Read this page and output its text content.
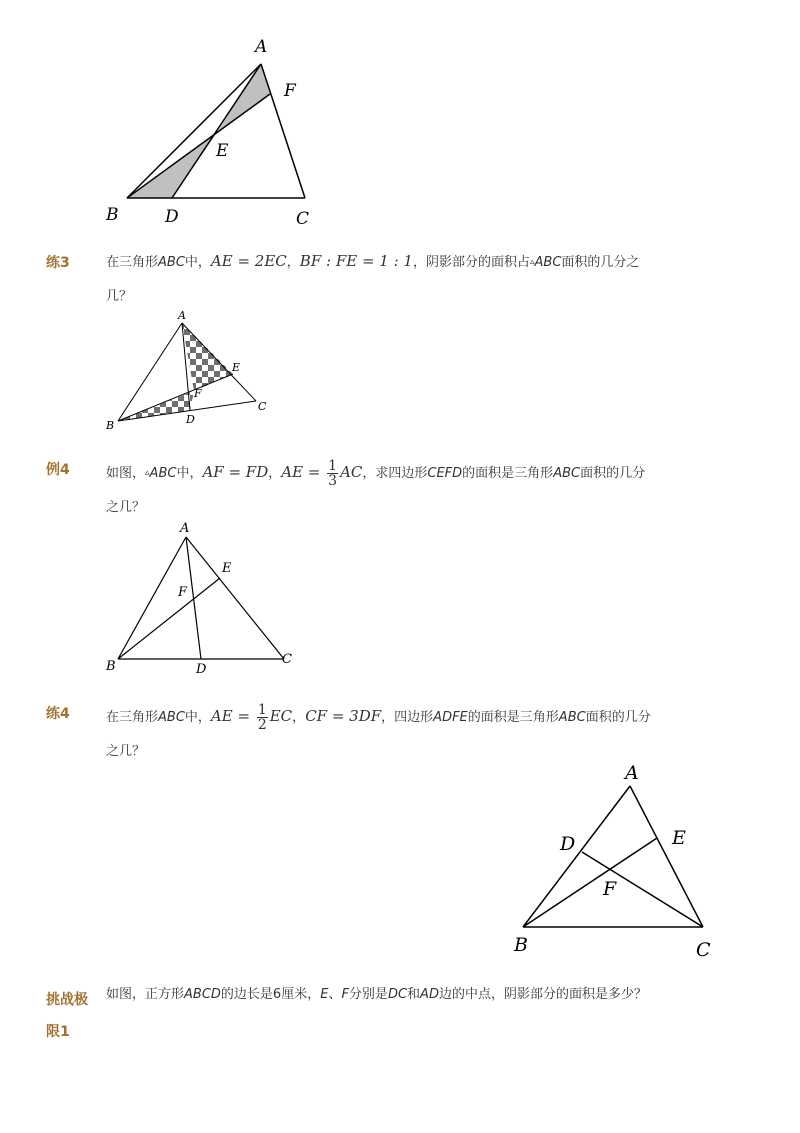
A
F
E
B	D	C
练3	在三角形ABC中，AE = 2EC，BF : FE = 1 : 1，阴影部分的面积占▵ABC面积的几分之
几？
A
E
F
C
B	D
例4	如图，▵ABC中，AF = FD，AE = $\frac{1}{3}$ AC，求四边形CEFD的面积是三角形ABC面积的几分
之几？
A
E
F
B	D
C
练4	在三角形ABC中，AE = $\frac{1}{2}$ EC，CF = 3DF，四边形ADFE的面积是三角形ABC面积的几分
之几？
A
D	E
F
B	C
挑战极
限1
如图，正方形ABCD的边长是6厘米，E、F分别是DC和AD边的中点，阴影部分的面积是多少？
